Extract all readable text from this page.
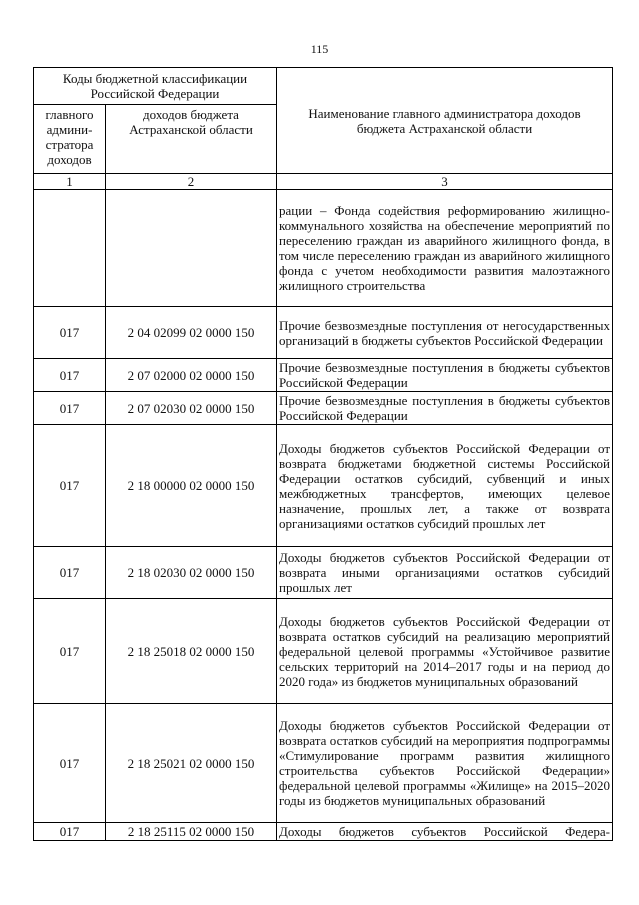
115
Коды бюджетной классификации Российской Федерации		Наименование главного администратора доходов бюджета Астраханской области
главного админи-стратора доходов	доходов бюджета Астраханской области	
1	2	3
		рации – Фонда содействия реформированию жилищно-коммунального хозяйства на обеспечение мероприятий по переселению граждан из аварийного жилищного фонда, в том числе переселению граждан из аварийного жилищного фонда с учетом необходимости развития малоэтажного жилищного строительства
017	2 04 02099 02 0000 150	Прочие безвозмездные поступления от негосударственных организаций в бюджеты субъектов Российской Федерации
017	2 07 02000 02 0000 150	Прочие безвозмездные поступления в бюджеты субъектов Российской Федерации
017	2 07 02030 02 0000 150	Прочие безвозмездные поступления в бюджеты субъектов Российской Федерации
017	2 18 00000 02 0000 150	Доходы бюджетов субъектов Российской Федерации от возврата бюджетами бюджетной системы Российской Федерации остатков субсидий, субвенций и иных межбюджетных трансфертов, имеющих целевое назначение, прошлых лет, а также от возврата организациями остатков субсидий прошлых лет
017	2 18 02030 02 0000 150	Доходы бюджетов субъектов Российской Федерации от возврата иными организациями остатков субсидий прошлых лет
017	2 18 25018 02 0000 150	Доходы бюджетов субъектов Российской Федерации от возврата остатков субсидий на реализацию мероприятий федеральной целевой программы «Устойчивое развитие сельских территорий на 2014–2017 годы и на период до 2020 года» из бюджетов муниципальных образований
017	2 18 25021 02 0000 150	Доходы бюджетов субъектов Российской Федерации от возврата остатков субсидий на мероприятия подпрограммы «Стимулирование программ развития жилищного строительства субъектов Российской Федерации» федеральной целевой программы «Жилище» на 2015–2020 годы из бюджетов муниципальных образований
017	2 18 25115 02 0000 150	Доходы бюджетов субъектов Российской Федера-
